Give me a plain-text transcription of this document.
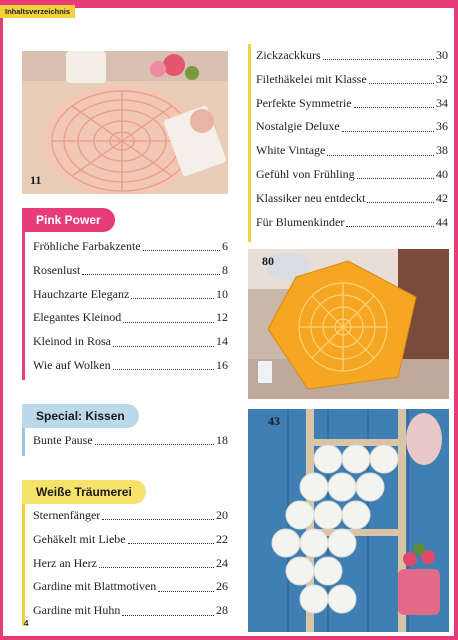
Inhaltsverzeichnis
11
Zickzackkurs	30
Filethäkelei mit Klasse	32
Perfekte Symmetrie	34
Nostalgie Deluxe	36
White Vintage	38
Gefühl von Frühling	40
Klassiker neu entdeckt	42
Für Blumenkinder	44
80
43
Pink Power
Fröhliche Farbakzente	6
Rosenlust	8
Hauchzarte Eleganz	10
Elegantes Kleinod	12
Kleinod in Rosa	14
Wie auf Wolken	16
Special: Kissen
Bunte Pause	18
Weiße Träumerei
Sternenfänger	20
Gehäkelt mit Liebe	22
Herz an Herz	24
Gardine mit Blattmotiven	26
Gardine mit Huhn	28
4
